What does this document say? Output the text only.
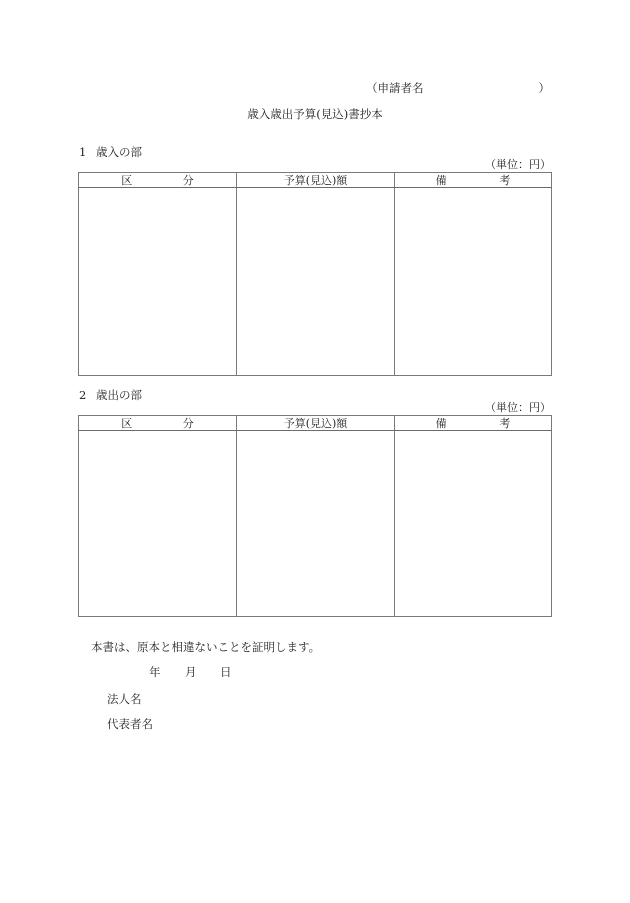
（申請者名	）
歳入歳出予算(見込)書抄本
1 歳入の部
（単位：円）
区　分	予算(見込)額	備　考

2 歳出の部
（単位：円）
区　分	予算(見込)額	備　考

本書は、原本と相違ないことを証明します。
年 月 日
法人名
代表者名
